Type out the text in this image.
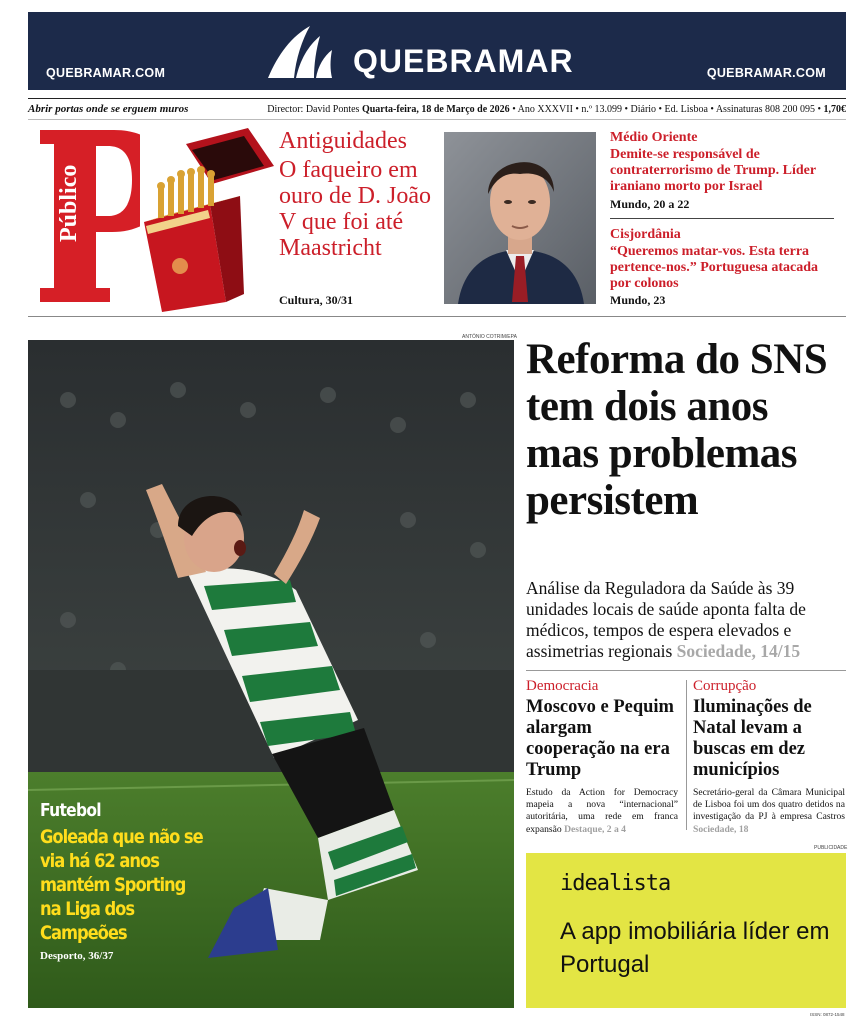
QUEBRAMAR.COM	QUEBRAMAR	QUEBRAMAR.COM
Abrir portas onde se erguem muros	Director: David Pontes Quarta-feira, 18 de Março de 2026 • Ano XXXVII • n.º 13.099 • Diário • Ed. Lisboa • Assinaturas 808 200 095 • 1,70€
Público
Antiguidades
O faqueiro em ouro de D. João V que foi até Maastricht
Cultura, 30/31
Médio Oriente
Demite-se responsável de contraterrorismo de Trump. Líder iraniano morto por Israel
Mundo, 20 a 22
Cisjordânia
“Queremos matar-vos. Esta terra pertence-nos.” Portuguesa atacada por colonos
Mundo, 23
ANTÓNIO COTRIM/EPA
Futebol
Goleada que não se via há 62 anos mantém Sporting na Liga dos Campeões
Desporto, 36/37
Reforma do SNS tem dois anos mas problemas persistem
Análise da Reguladora da Saúde às 39 unidades locais de saúde aponta falta de médicos, tempos de espera elevados e assimetrias regionais Sociedade, 14/15
Democracia
Moscovo e Pequim alargam cooperação na era Trump
Estudo da Action for Democracy mapeia a nova “internacional” autoritária, uma rede em franca expansão Destaque, 2 a 4
Corrupção
Iluminações de Natal levam a buscas em dez municípios
Secretário-geral da Câmara Municipal de Lisboa foi um dos quatro detidos na investigação da PJ à empresa Castros Sociedade, 18
PUBLICIDADE
idealista
A app imobiliária líder em Portugal
ISSN: 0872-1548
